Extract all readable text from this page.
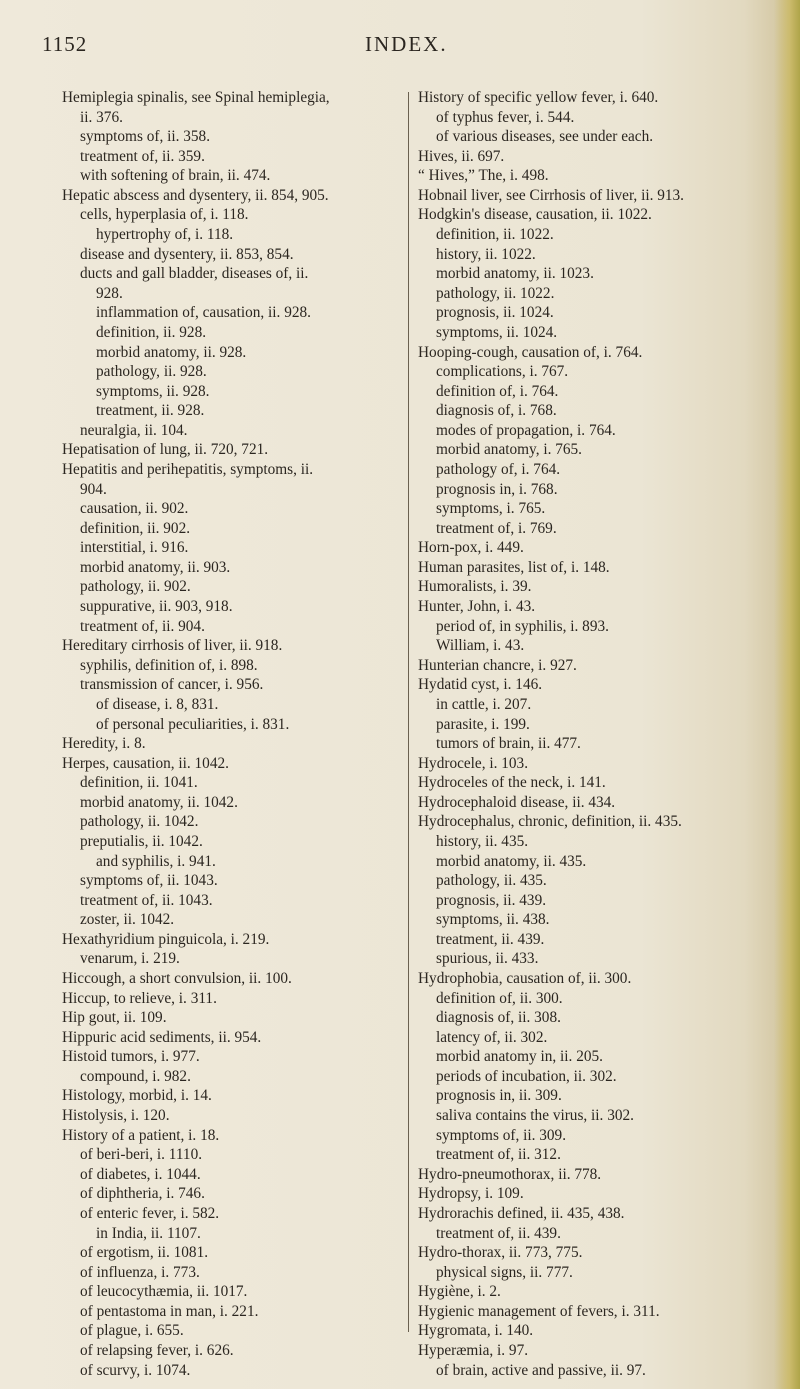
1152	INDEX.
Hemiplegia spinalis, see Spinal hemiplegia,
ii. 376.
symptoms of, ii. 358.
treatment of, ii. 359.
with softening of brain, ii. 474.
Hepatic abscess and dysentery, ii. 854, 905.
cells, hyperplasia of, i. 118.
hypertrophy of, i. 118.
disease and dysentery, ii. 853, 854.
ducts and gall bladder, diseases of, ii.
928.
inflammation of, causation, ii. 928.
definition, ii. 928.
morbid anatomy, ii. 928.
pathology, ii. 928.
symptoms, ii. 928.
treatment, ii. 928.
neuralgia, ii. 104.
Hepatisation of lung, ii. 720, 721.
Hepatitis and perihepatitis, symptoms, ii.
904.
causation, ii. 902.
definition, ii. 902.
interstitial, i. 916.
morbid anatomy, ii. 903.
pathology, ii. 902.
suppurative, ii. 903, 918.
treatment of, ii. 904.
Hereditary cirrhosis of liver, ii. 918.
syphilis, definition of, i. 898.
transmission of cancer, i. 956.
of disease, i. 8, 831.
of personal peculiarities, i. 831.
Heredity, i. 8.
Herpes, causation, ii. 1042.
definition, ii. 1041.
morbid anatomy, ii. 1042.
pathology, ii. 1042.
preputialis, ii. 1042.
and syphilis, i. 941.
symptoms of, ii. 1043.
treatment of, ii. 1043.
zoster, ii. 1042.
Hexathyridium pinguicola, i. 219.
venarum, i. 219.
Hiccough, a short convulsion, ii. 100.
Hiccup, to relieve, i. 311.
Hip gout, ii. 109.
Hippuric acid sediments, ii. 954.
Histoid tumors, i. 977.
compound, i. 982.
Histology, morbid, i. 14.
Histolysis, i. 120.
History of a patient, i. 18.
of beri-beri, i. 1110.
of diabetes, i. 1044.
of diphtheria, i. 746.
of enteric fever, i. 582.
in India, ii. 1107.
of ergotism, ii. 1081.
of influenza, i. 773.
of leucocythæmia, ii. 1017.
of pentastoma in man, i. 221.
of plague, i. 655.
of relapsing fever, i. 626.
of scurvy, i. 1074.
History of specific yellow fever, i. 640.
of typhus fever, i. 544.
of various diseases, see under each.
Hives, ii. 697.
“ Hives,” The, i. 498.
Hobnail liver, see Cirrhosis of liver, ii. 913.
Hodgkin's disease, causation, ii. 1022.
definition, ii. 1022.
history, ii. 1022.
morbid anatomy, ii. 1023.
pathology, ii. 1022.
prognosis, ii. 1024.
symptoms, ii. 1024.
Hooping-cough, causation of, i. 764.
complications, i. 767.
definition of, i. 764.
diagnosis of, i. 768.
modes of propagation, i. 764.
morbid anatomy, i. 765.
pathology of, i. 764.
prognosis in, i. 768.
symptoms, i. 765.
treatment of, i. 769.
Horn-pox, i. 449.
Human parasites, list of, i. 148.
Humoralists, i. 39.
Hunter, John, i. 43.
period of, in syphilis, i. 893.
William, i. 43.
Hunterian chancre, i. 927.
Hydatid cyst, i. 146.
in cattle, i. 207.
parasite, i. 199.
tumors of brain, ii. 477.
Hydrocele, i. 103.
Hydroceles of the neck, i. 141.
Hydrocephaloid disease, ii. 434.
Hydrocephalus, chronic, definition, ii. 435.
history, ii. 435.
morbid anatomy, ii. 435.
pathology, ii. 435.
prognosis, ii. 439.
symptoms, ii. 438.
treatment, ii. 439.
spurious, ii. 433.
Hydrophobia, causation of, ii. 300.
definition of, ii. 300.
diagnosis of, ii. 308.
latency of, ii. 302.
morbid anatomy in, ii. 205.
periods of incubation, ii. 302.
prognosis in, ii. 309.
saliva contains the virus, ii. 302.
symptoms of, ii. 309.
treatment of, ii. 312.
Hydro-pneumothorax, ii. 778.
Hydropsy, i. 109.
Hydrorachis defined, ii. 435, 438.
treatment of, ii. 439.
Hydro-thorax, ii. 773, 775.
physical signs, ii. 777.
Hygiène, i. 2.
Hygienic management of fevers, i. 311.
Hygromata, i. 140.
Hyperæmia, i. 97.
of brain, active and passive, ii. 97.
